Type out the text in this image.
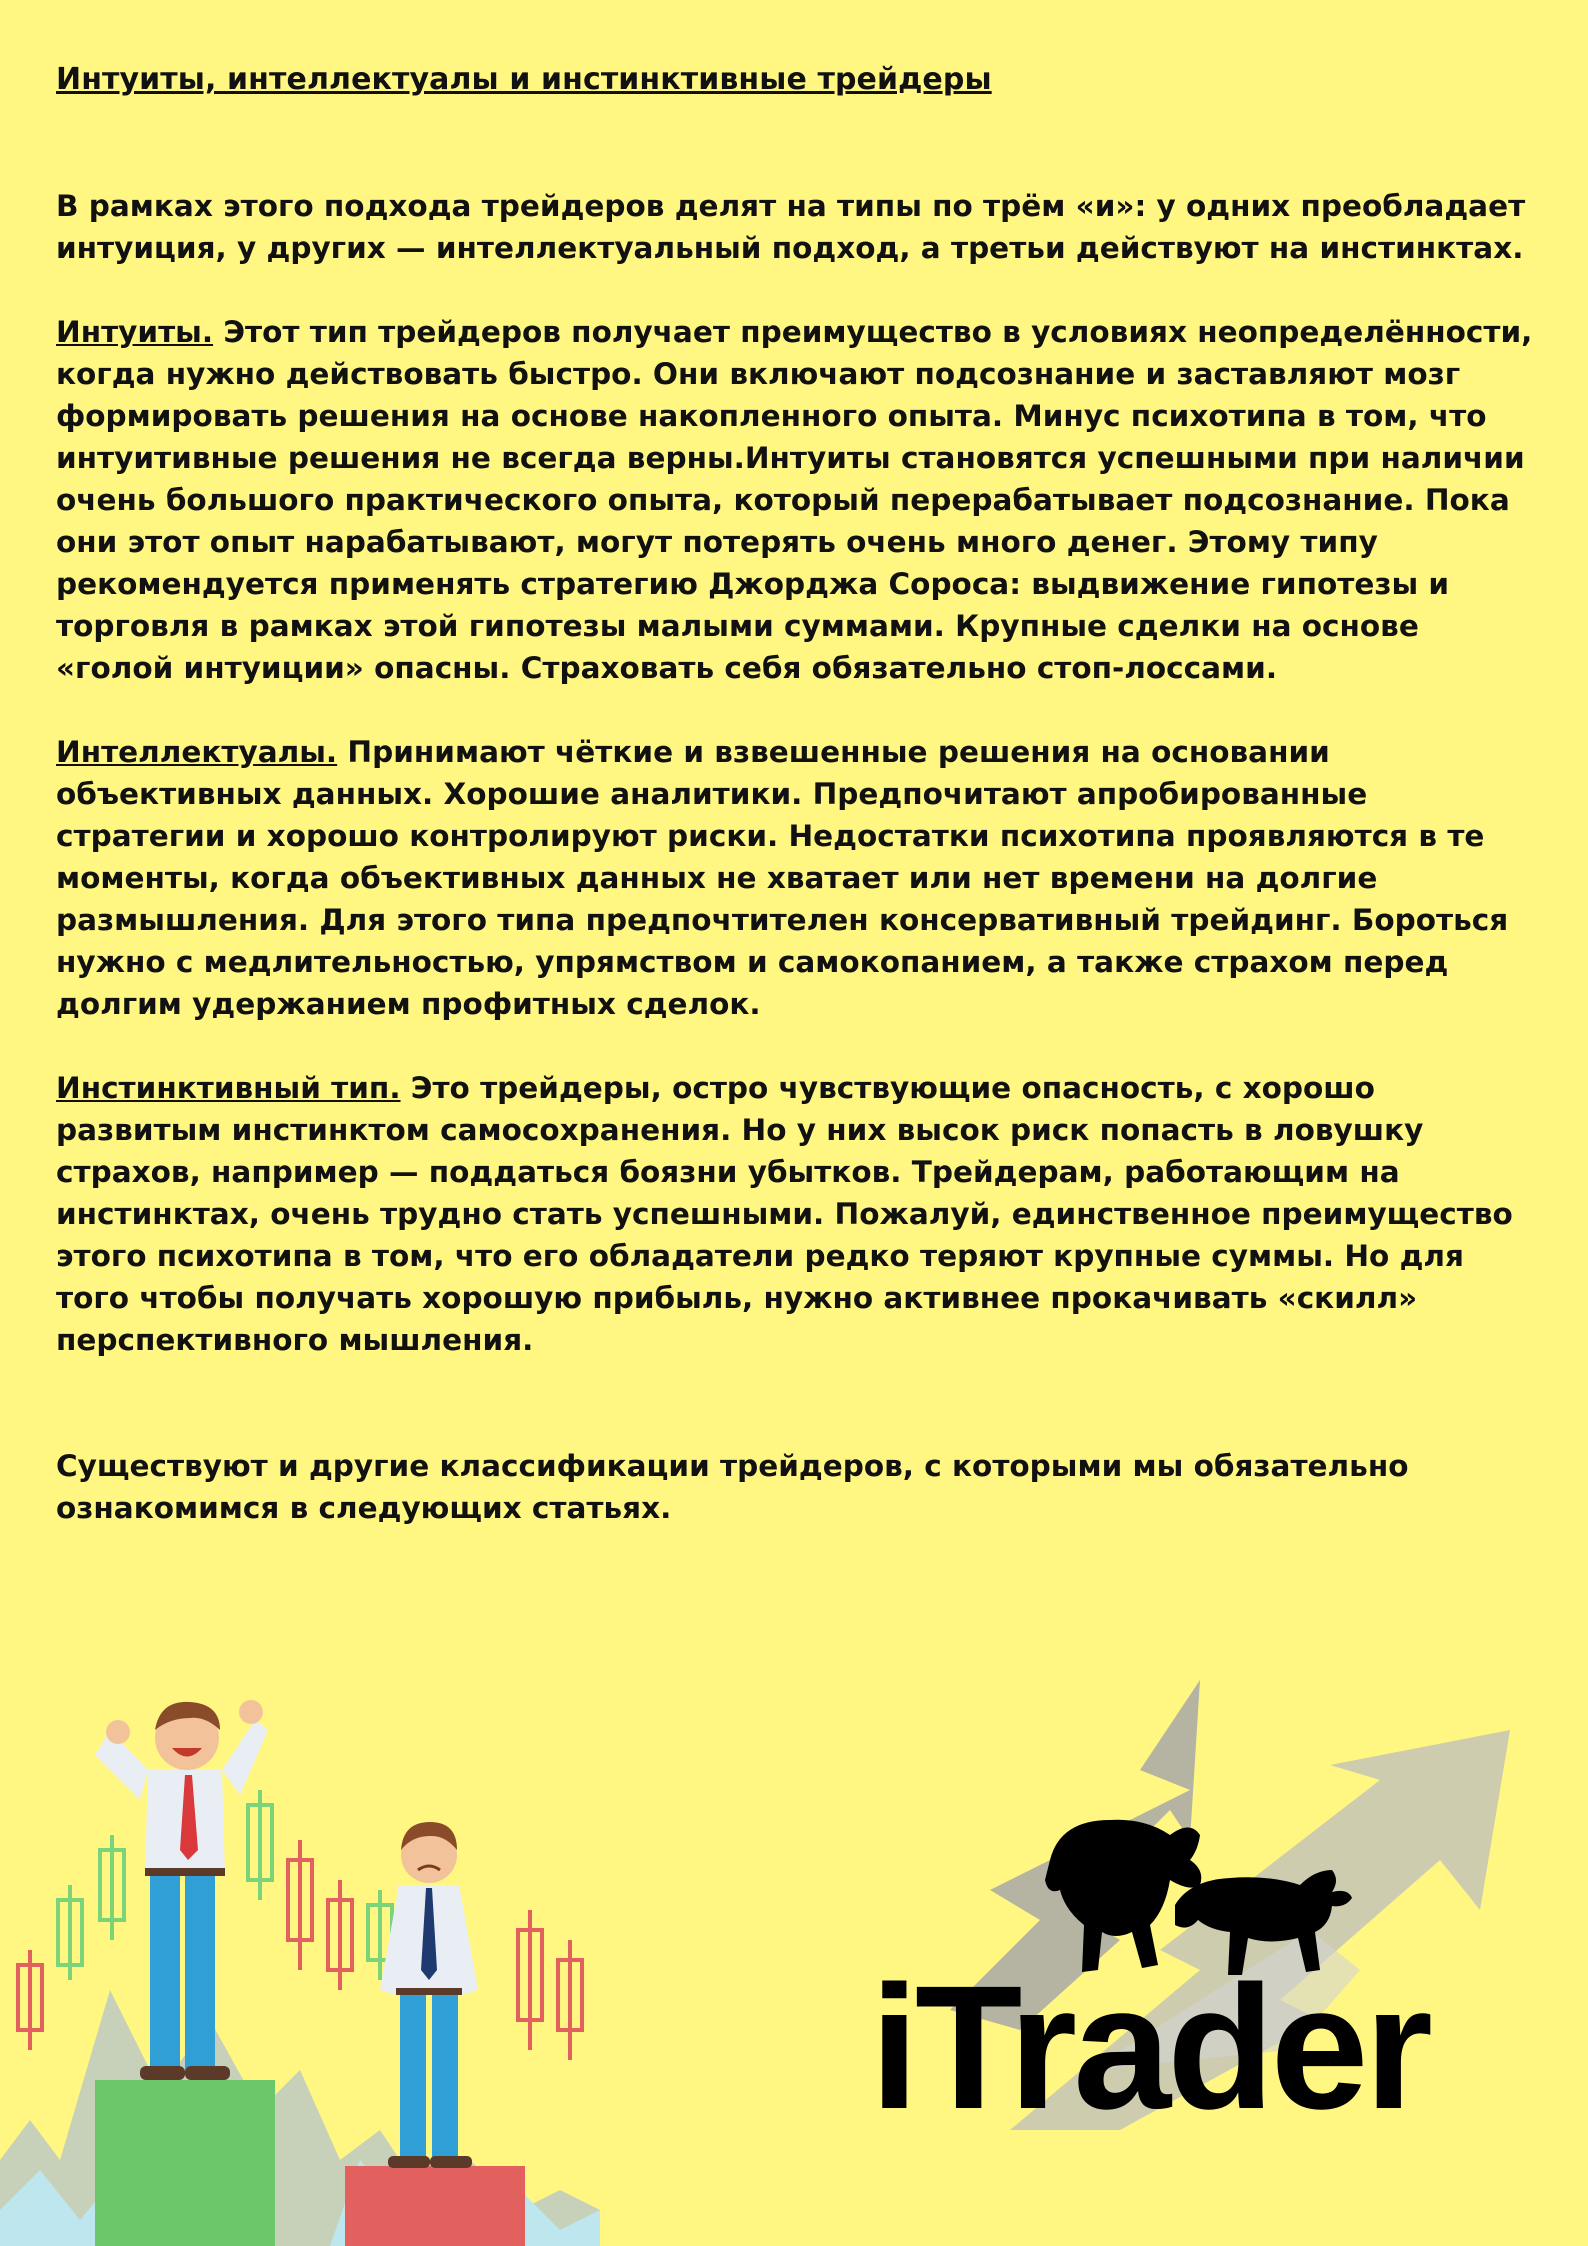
Интуиты, интеллектуалы и инстинктивные трейдеры
В рамках этого подхода трейдеров делят на типы по трём «и»: у одних преобладает интуиция, у других — интеллектуальный подход, а третьи действуют на инстинктах.
Интуиты. Этот тип трейдеров получает преимущество в условиях неопределённости, когда нужно действовать быстро. Они включают подсознание и заставляют мозг формировать решения на основе накопленного опыта. Минус психотипа в том, что интуитивные решения не всегда верны.Интуиты становятся успешными при наличии очень большого практического опыта, который перерабатывает подсознание. Пока они этот опыт нарабатывают, могут потерять очень много денег. Этому типу рекомендуется применять стратегию Джорджа Сороса: выдвижение гипотезы и торговля в рамках этой гипотезы малыми суммами. Крупные сделки на основе «голой интуиции» опасны. Страховать себя обязательно стоп-лоссами.
Интеллектуалы. Принимают чёткие и взвешенные решения на основании объективных данных. Хорошие аналитики. Предпочитают апробированные стратегии и хорошо контролируют риски. Недостатки психотипа проявляются в те моменты, когда объективных данных не хватает или нет времени на долгие размышления. Для этого типа предпочтителен консервативный трейдинг. Бороться нужно с медлительностью, упрямством и самокопанием, а также страхом перед долгим удержанием профитных сделок.
Инстинктивный тип. Это трейдеры, остро чувствующие опасность, с хорошо развитым инстинктом самосохранения. Но у них высок риск попасть в ловушку страхов, например — поддаться боязни убытков. Трейдерам, работающим на инстинктах, очень трудно стать успешными. Пожалуй, единственное преимущество этого психотипа в том, что его обладатели редко теряют крупные суммы. Но для того чтобы получать хорошую прибыль, нужно активнее прокачивать «скилл» перспективного мышления.
Существуют и другие классификации трейдеров, с которыми мы обязательно ознакомимся в следующих статьях.
iTrader
